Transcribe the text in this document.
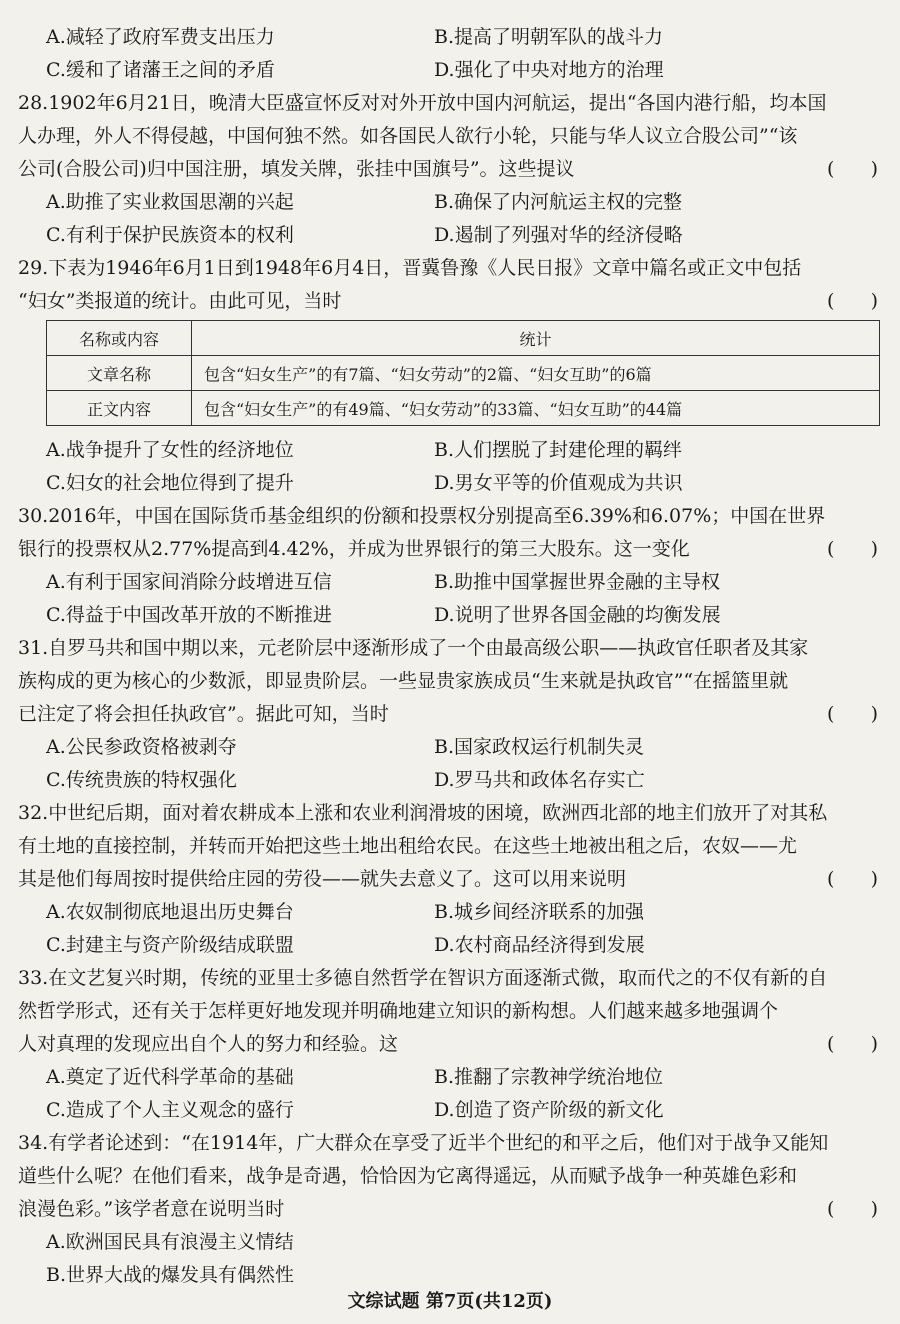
A.减轻了政府军费支出压力	B.提高了明朝军队的战斗力
C.缓和了诸藩王之间的矛盾	D.强化了中央对地方的治理
28.1902年6月21日，晚清大臣盛宣怀反对对外开放中国内河航运，提出“各国内港行船，均本国
人办理，外人不得侵越，中国何独不然。如各国民人欲行小轮，只能与华人议立合股公司”“该
公司(合股公司)归中国注册，填发关牌，张挂中国旗号”。这些提议	(      )
A.助推了实业救国思潮的兴起	B.确保了内河航运主权的完整
C.有利于保护民族资本的权利	D.遏制了列强对华的经济侵略
29.下表为1946年6月1日到1948年6月4日，晋冀鲁豫《人民日报》文章中篇名或正文中包括
“妇女”类报道的统计。由此可见，当时	(      )
名称或内容	统计
文章名称	包含“妇女生产”的有7篇、“妇女劳动”的2篇、“妇女互助”的6篇
正文内容	包含“妇女生产”的有49篇、“妇女劳动”的33篇、“妇女互助”的44篇
A.战争提升了女性的经济地位	B.人们摆脱了封建伦理的羁绊
C.妇女的社会地位得到了提升	D.男女平等的价值观成为共识
30.2016年，中国在国际货币基金组织的份额和投票权分别提高至6.39%和6.07%；中国在世界
银行的投票权从2.77%提高到4.42%，并成为世界银行的第三大股东。这一变化	(      )
A.有利于国家间消除分歧增进互信	B.助推中国掌握世界金融的主导权
C.得益于中国改革开放的不断推进	D.说明了世界各国金融的均衡发展
31.自罗马共和国中期以来，元老阶层中逐渐形成了一个由最高级公职——执政官任职者及其家
族构成的更为核心的少数派，即显贵阶层。一些显贵家族成员“生来就是执政官”“在摇篮里就
已注定了将会担任执政官”。据此可知，当时	(      )
A.公民参政资格被剥夺	B.国家政权运行机制失灵
C.传统贵族的特权强化	D.罗马共和政体名存实亡
32.中世纪后期，面对着农耕成本上涨和农业利润滑坡的困境，欧洲西北部的地主们放开了对其私
有土地的直接控制，并转而开始把这些土地出租给农民。在这些土地被出租之后，农奴——尤
其是他们每周按时提供给庄园的劳役——就失去意义了。这可以用来说明	(      )
A.农奴制彻底地退出历史舞台	B.城乡间经济联系的加强
C.封建主与资产阶级结成联盟	D.农村商品经济得到发展
33.在文艺复兴时期，传统的亚里士多德自然哲学在智识方面逐渐式微，取而代之的不仅有新的自
然哲学形式，还有关于怎样更好地发现并明确地建立知识的新构想。人们越来越多地强调个
人对真理的发现应出自个人的努力和经验。这	(      )
A.奠定了近代科学革命的基础	B.推翻了宗教神学统治地位
C.造成了个人主义观念的盛行	D.创造了资产阶级的新文化
34.有学者论述到：“在1914年，广大群众在享受了近半个世纪的和平之后，他们对于战争又能知
道些什么呢？在他们看来，战争是奇遇，恰恰因为它离得遥远，从而赋予战争一种英雄色彩和
浪漫色彩。”该学者意在说明当时	(      )
A.欧洲国民具有浪漫主义情结
B.世界大战的爆发具有偶然性
文综试题 第7页(共12页)
